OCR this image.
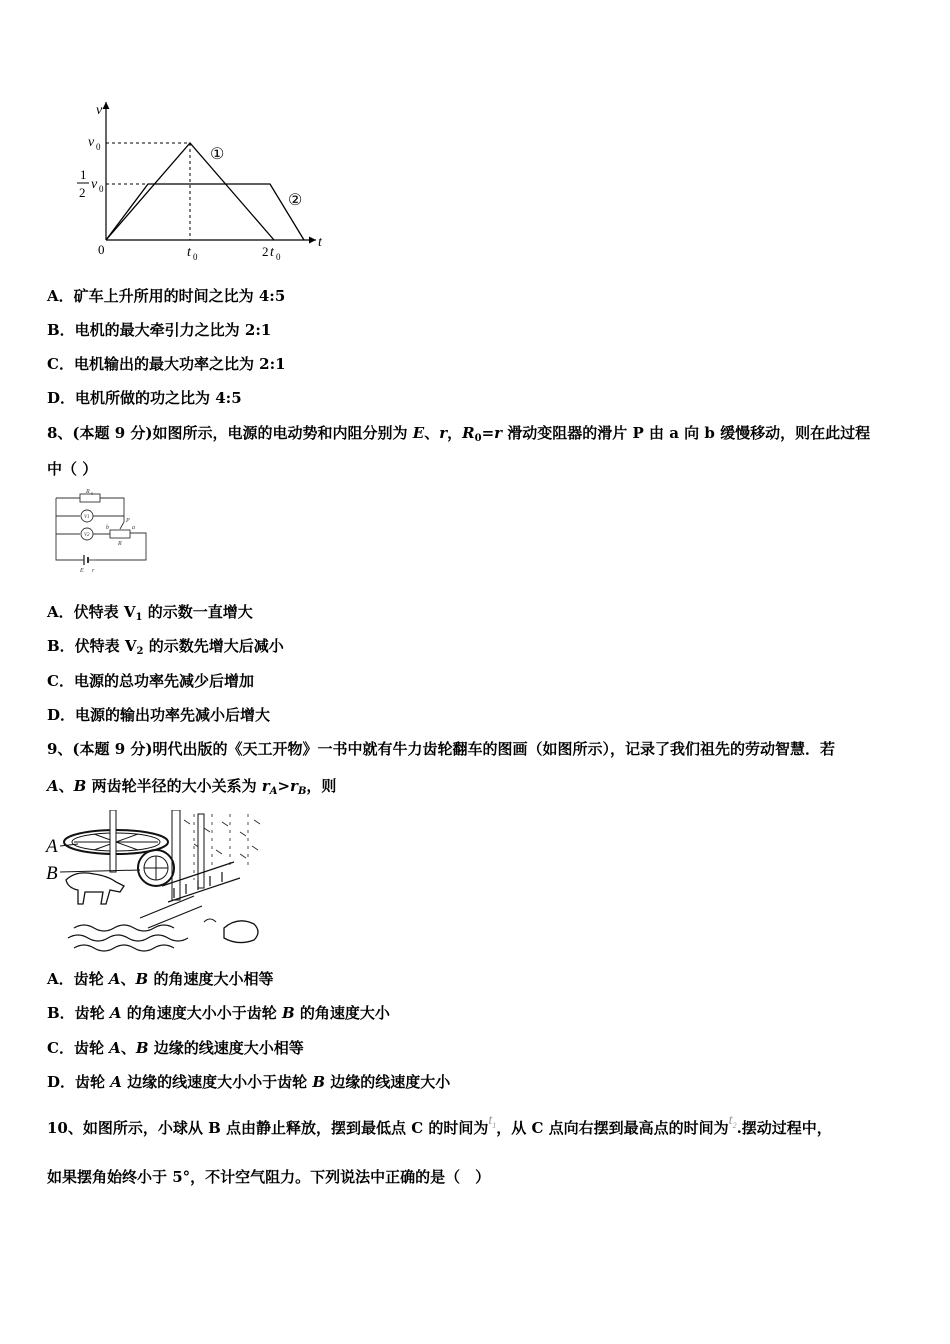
v
t
0
v 0
1
2
v 0
t 0	2 t 0
①
②
A．矿车上升所用的时间之比为 4:5
B．电机的最大牵引力之比为 2:1
C．电机输出的最大功率之比为 2:1
D．电机所做的功之比为 4:5
8、(本题 9 分)如图所示，电源的电动势和内阻分别为 E、r，$R_0=r$ 滑动变阻器的滑片 P 由 a 向 b 缓慢移动，则在此过程
中（ ）
R 0
V1
V2
P
a
b
R
E r
A．伏特表 $V_1$ 的示数一直增大
B．伏特表 $V_2$ 的示数先增大后减小
C．电源的总功率先减少后增加
D．电源的输出功率先减小后增大
9、(本题 9 分)明代出版的《天工开物》一书中就有牛力齿轮翻车的图画（如图所示），记录了我们祖先的劳动智慧．若
A、B 两齿轮半径的大小关系为 $r_A>r_B$，则
A
B
A．齿轮 A、B 的角速度大小相等
B．齿轮 A 的角速度大小小于齿轮 B 的角速度大小
C．齿轮 A、B 边缘的线速度大小相等
D．齿轮 A 边缘的线速度大小小于齿轮 B 边缘的线速度大小
10、如图所示，小球从 B 点由静止释放，摆到最低点 C 的时间为$t_1$，从 C 点向右摆到最高点的时间为$t_2$.摆动过程中，
如果摆角始终小于 5°，不计空气阻力。下列说法中正确的是（　）
